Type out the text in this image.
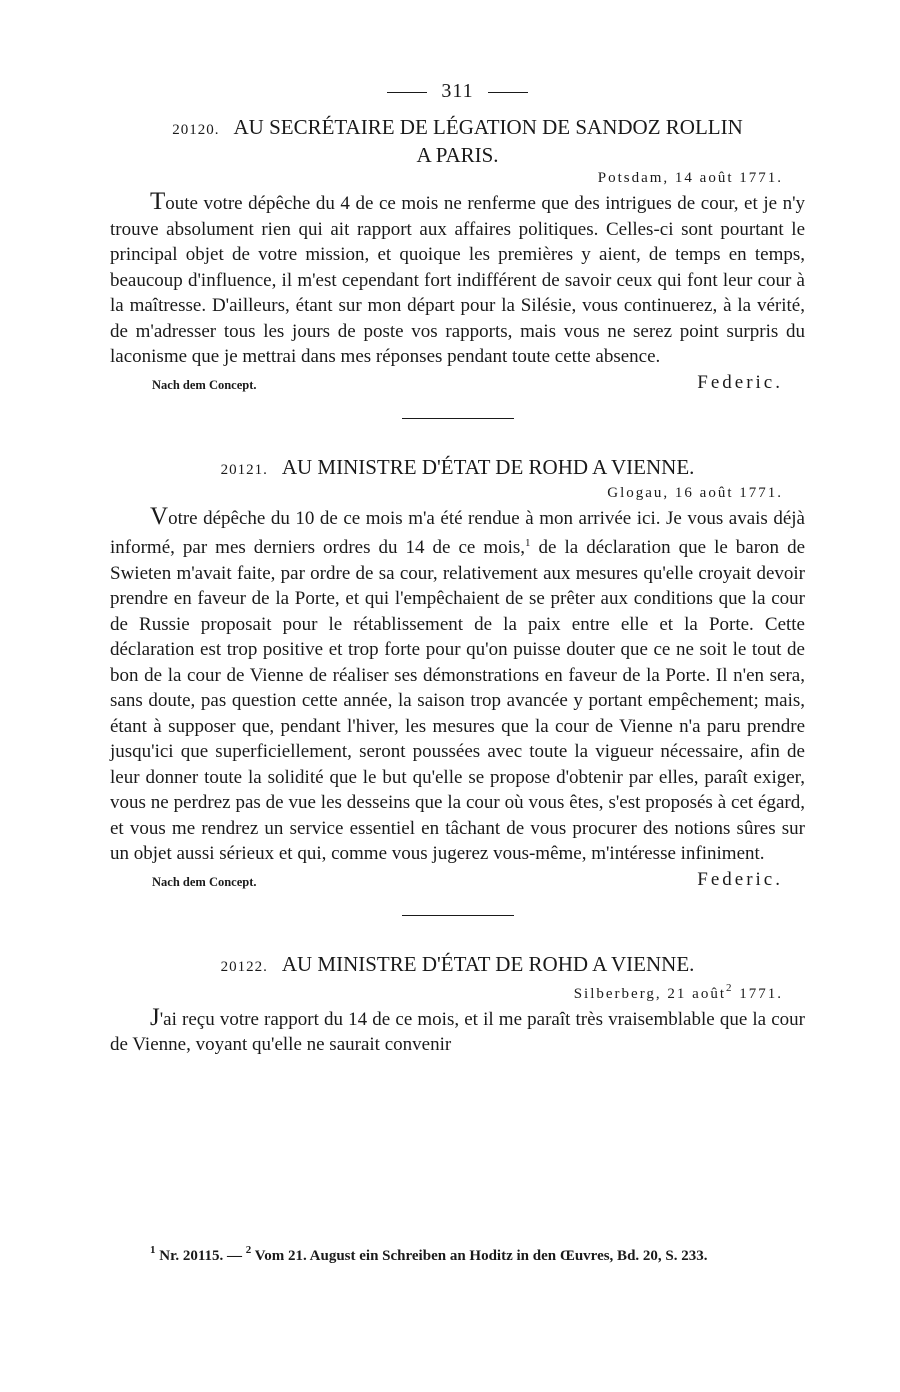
311
20120. AU SECRÉTAIRE DE LÉGATION DE SANDOZ ROLLIN
A PARIS.
Potsdam, 14 août 1771.

Toute votre dépêche du 4 de ce mois ne renferme que des intrigues de cour, et je n'y trouve absolument rien qui ait rapport aux affaires politiques. Celles-ci sont pourtant le principal objet de votre mission, et quoique les premières y aient, de temps en temps, beaucoup d'influence, il m'est cependant fort indifférent de savoir ceux qui font leur cour à la maîtresse. D'ailleurs, étant sur mon départ pour la Silésie, vous continuerez, à la vérité, de m'adresser tous les jours de poste vos rapports, mais vous ne serez point surpris du laconisme que je mettrai dans mes réponses pendant toute cette absence.

Nach dem Concept.	Federic.
20121. AU MINISTRE D'ÉTAT DE ROHD A VIENNE.
Glogau, 16 août 1771.

Votre dépêche du 10 de ce mois m'a été rendue à mon arrivée ici. Je vous avais déjà informé, par mes derniers ordres du 14 de ce mois,$^1$ de la déclaration que le baron de Swieten m'avait faite, par ordre de sa cour, relativement aux mesures qu'elle croyait devoir prendre en faveur de la Porte, et qui l'empêchaient de se prêter aux conditions que la cour de Russie proposait pour le rétablissement de la paix entre elle et la Porte. Cette déclaration est trop positive et trop forte pour qu'on puisse douter que ce ne soit le tout de bon de la cour de Vienne de réaliser ses démonstrations en faveur de la Porte. Il n'en sera, sans doute, pas question cette année, la saison trop avancée y portant empêchement; mais, étant à supposer que, pendant l'hiver, les mesures que la cour de Vienne n'a paru prendre jusqu'ici que superficiellement, seront poussées avec toute la vigueur nécessaire, afin de leur donner toute la solidité que le but qu'elle se propose d'obtenir par elles, paraît exiger, vous ne perdrez pas de vue les desseins que la cour où vous êtes, s'est proposés à cet égard, et vous me rendrez un service essentiel en tâchant de vous procurer des notions sûres sur un objet aussi sérieux et qui, comme vous jugerez vous-même, m'intéresse infiniment.

Nach dem Concept.	Federic.
20122. AU MINISTRE D'ÉTAT DE ROHD A VIENNE.
Silberberg, 21 août$^2$ 1771.

J'ai reçu votre rapport du 14 de ce mois, et il me paraît très vraisemblable que la cour de Vienne, voyant qu'elle ne saurait convenir

$^1$ Nr. 20115. — $^2$ Vom 21. August ein Schreiben an Hoditz in den Œuvres, Bd. 20, S. 233.
